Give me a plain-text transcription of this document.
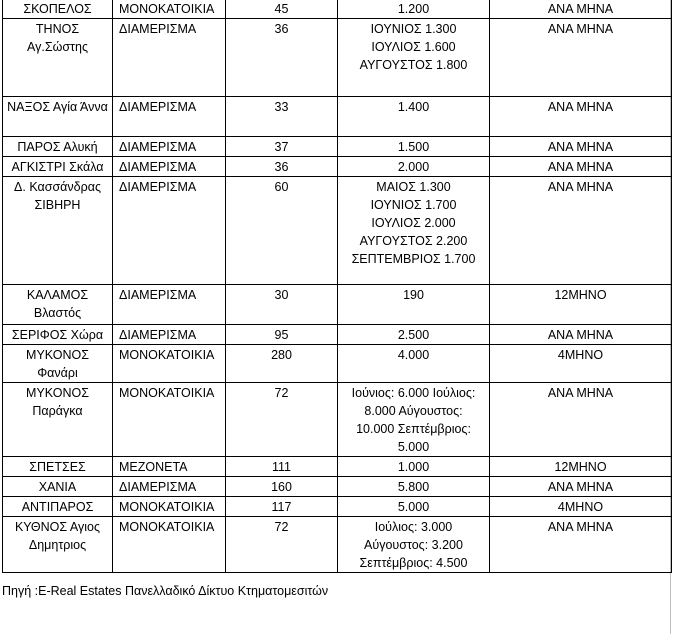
ΣΚΟΠΕΛΟΣ	ΜΟΝΟΚΑΤΟΙΚΙΑ	45	1.200	ΑΝΑ ΜΗΝΑ
ΤΗΝΟΣ Αγ.Σώστης	ΔΙΑΜΕΡΙΣΜΑ	36	ΙΟΥΝΙΟΣ 1.300
ΙΟΥΛΙΟΣ 1.600
ΑΥΓΟΥΣΤΟΣ 1.800	ΑΝΑ ΜΗΝΑ
ΝΑΞΟΣ Αγία Άννα	ΔΙΑΜΕΡΙΣΜΑ	33	1.400	ΑΝΑ ΜΗΝΑ
ΠΑΡΟΣ Αλυκή	ΔΙΑΜΕΡΙΣΜΑ	37	1.500	ΑΝΑ ΜΗΝΑ
ΑΓΚΙΣΤΡΙ Σκάλα	ΔΙΑΜΕΡΙΣΜΑ	36	2.000	ΑΝΑ ΜΗΝΑ
Δ. Κασσάνδρας ΣΙΒΗΡΗ	ΔΙΑΜΕΡΙΣΜΑ	60	ΜΑΙΟΣ 1.300
ΙΟΥΝΙΟΣ 1.700
ΙΟΥΛΙΟΣ 2.000
ΑΥΓΟΥΣΤΟΣ 2.200
ΣΕΠΤΕΜΒΡΙΟΣ 1.700	ΑΝΑ ΜΗΝΑ
ΚΑΛΑΜΟΣ Βλαστός	ΔΙΑΜΕΡΙΣΜΑ	30	190	12ΜΗΝΟ
ΣΕΡΙΦΟΣ Χώρα	ΔΙΑΜΕΡΙΣΜΑ	95	2.500	ΑΝΑ ΜΗΝΑ
ΜΥΚΟΝΟΣ Φανάρι	ΜΟΝΟΚΑΤΟΙΚΙΑ	280	4.000	4ΜΗΝΟ
ΜΥΚΟΝΟΣ Παράγκα	ΜΟΝΟΚΑΤΟΙΚΙΑ	72	Ιούνιος: 6.000 Ιούλιος:
8.000 Αύγουστος:
10.000 Σεπτέμβριος:
5.000	ΑΝΑ ΜΗΝΑ
ΣΠΕΤΣΕΣ	ΜΕΖΟΝΕΤΑ	111	1.000	12ΜΗΝΟ
ΧΑΝΙΑ	ΔΙΑΜΕΡΙΣΜΑ	160	5.800	ΑΝΑ ΜΗΝΑ
ΑΝΤΙΠΑΡΟΣ	ΜΟΝΟΚΑΤΟΙΚΙΑ	117	5.000	4ΜΗΝΟ
ΚΥΘΝΟΣ Αγιος Δημητριος	ΜΟΝΟΚΑΤΟΙΚΙΑ	72	Ιούλιος: 3.000
Αύγουστος: 3.200
Σεπτέμβριος: 4.500	ΑΝΑ ΜΗΝΑ
Πηγή :E-Real Estates Πανελλαδικό Δίκτυο Κτηματομεσιτών
